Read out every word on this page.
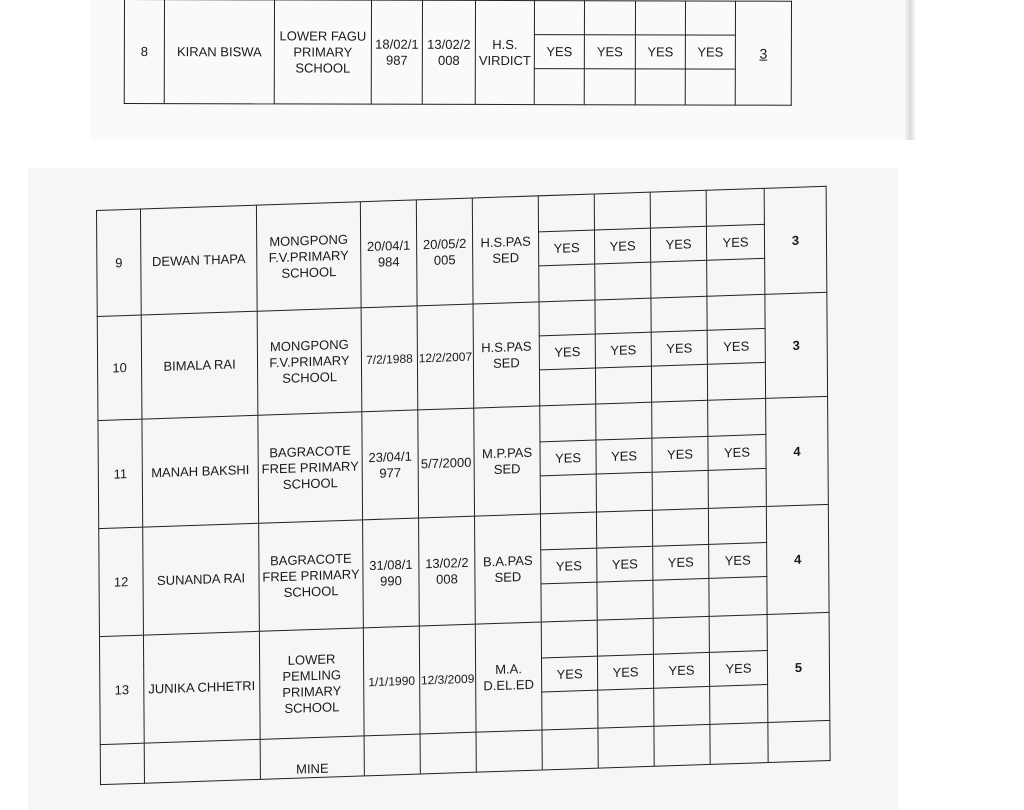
8	KIRAN BISWA	LOWER FAGU PRIMARY SCHOOL	18/02/1 987	13/02/2 008	H.S. VIRDICT					3
						YES	YES	YES	YES	

9	DEWAN THAPA	MONGPONG F.V.PRIMARY SCHOOL	20/04/1 984	20/05/2 005	H.S.PAS SED					3
						YES	YES	YES	YES	

10	BIMALA RAI	MONGPONG F.V.PRIMARY SCHOOL	7/2/1988	12/2/2007	H.S.PAS SED					3
						YES	YES	YES	YES	

11	MANAH BAKSHI	BAGRACOTE FREE PRIMARY SCHOOL	23/04/1 977	5/7/2000	M.P.PAS SED					4
						YES	YES	YES	YES	

12	SUNANDA RAI	BAGRACOTE FREE PRIMARY SCHOOL	31/08/1 990	13/02/2 008	B.A.PAS SED					4
						YES	YES	YES	YES	

13	JUNIKA CHHETRI	LOWER PEMLING PRIMARY SCHOOL	1/1/1990	12/3/2009	M.A. D.EL.ED					5
						YES	YES	YES	YES	

		MINE								
